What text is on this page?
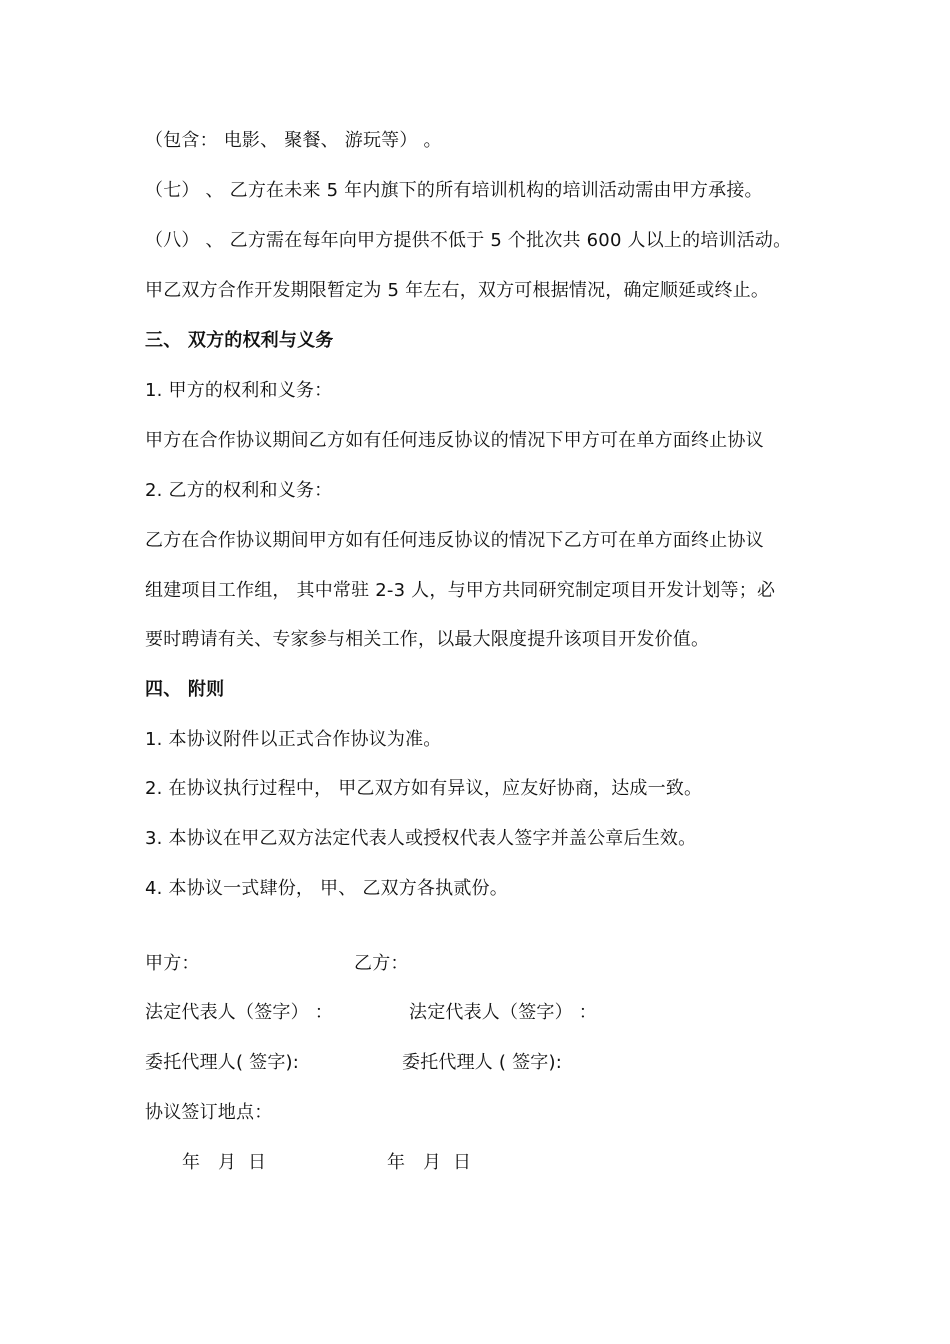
（包含： 电影、 聚餐、 游玩等） 。
（七） 、 乙方在未来 5 年内旗下的所有培训机构的培训活动需由甲方承接。
（八） 、 乙方需在每年向甲方提供不低于 5 个批次共 600 人以上的培训活动。
甲乙双方合作开发期限暂定为 5 年左右，双方可根据情况，确定顺延或终止。
三、 双方的权利与义务
1. 甲方的权利和义务：
甲方在合作协议期间乙方如有任何违反协议的情况下甲方可在单方面终止协议
2. 乙方的权利和义务：
乙方在合作协议期间甲方如有任何违反协议的情况下乙方可在单方面终止协议
组建项目工作组， 其中常驻 2-3 人，与甲方共同研究制定项目开发计划等；必
要时聘请有关、专家参与相关工作，以最大限度提升该项目开发价值。
四、 附则
1. 本协议附件以正式合作协议为准。
2. 在协议执行过程中， 甲乙双方如有异议，应友好协商，达成一致。
3. 本协议在甲乙双方法定代表人或授权代表人签字并盖公章后生效。
4. 本协议一式肆份， 甲、 乙双方各执贰份。
甲方：	乙方：
法定代表人（签字） ：	法定代表人（签字） ：
委托代理人( 签字):	委托代理人 ( 签字):
协议签订地点：
年   月  日	年   月  日
